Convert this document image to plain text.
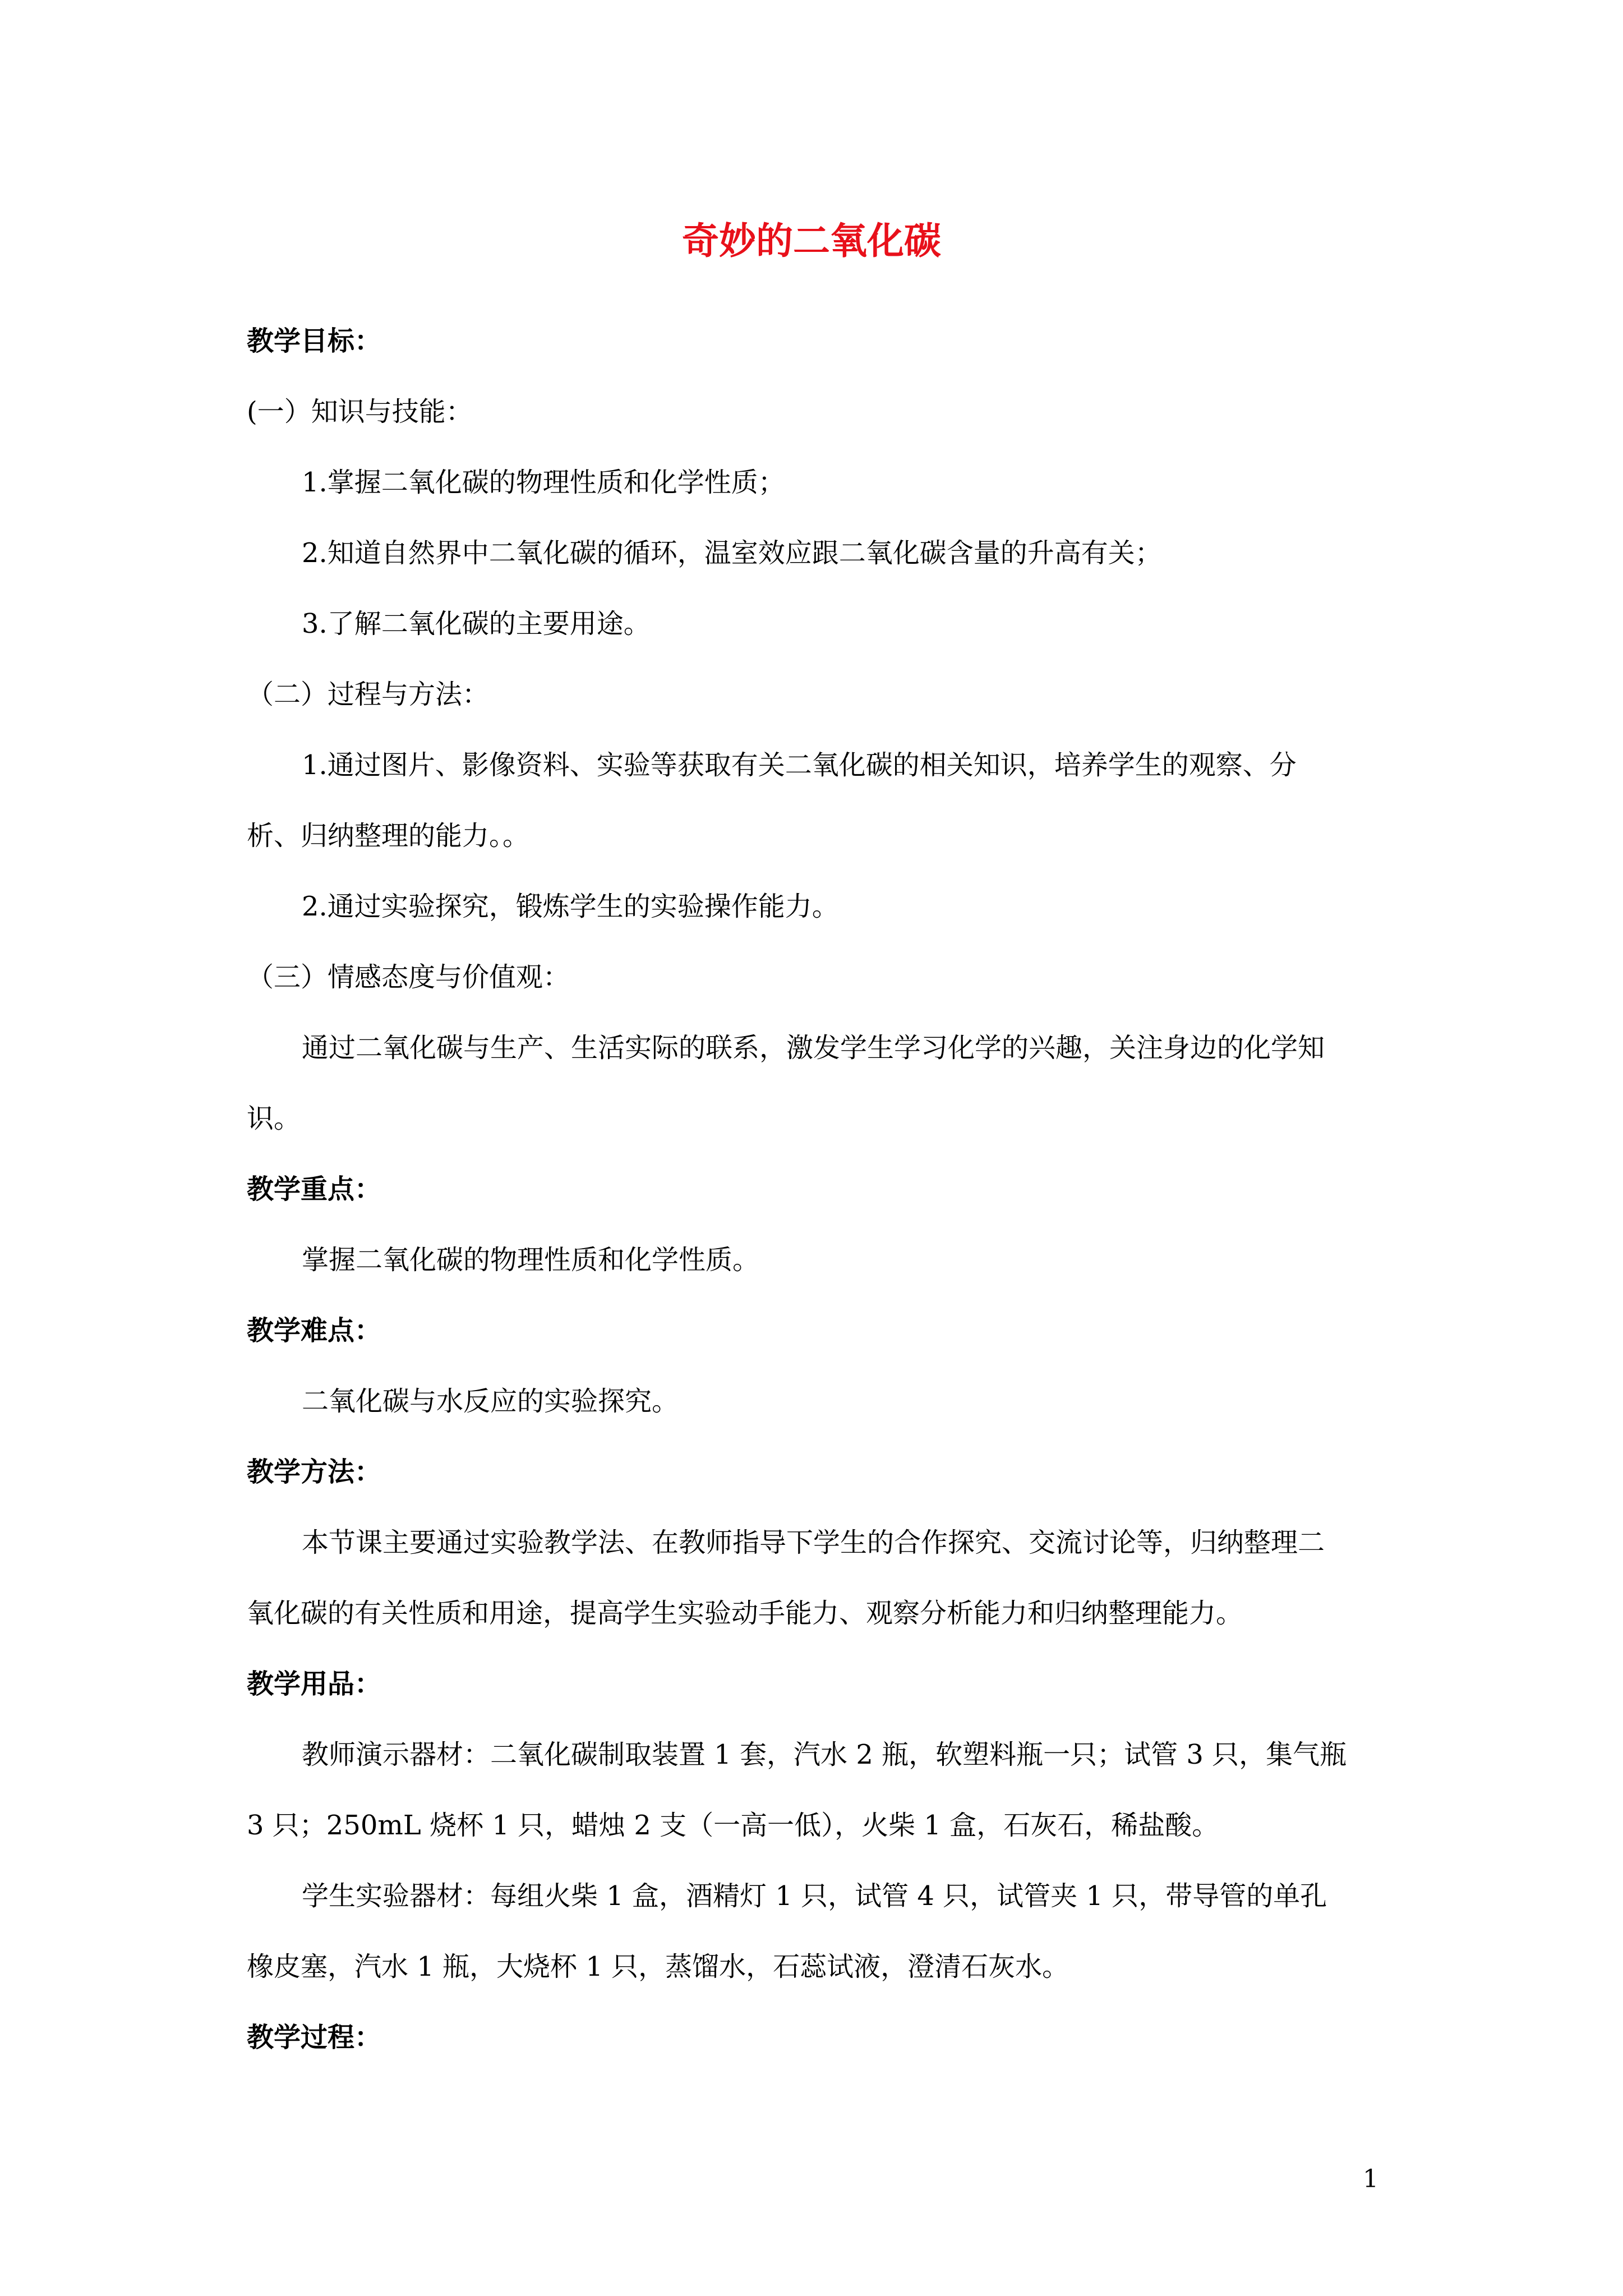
奇妙的二氧化碳
教学目标：
(一）知识与技能：
1.掌握二氧化碳的物理性质和化学性质；
2.知道自然界中二氧化碳的循环，温室效应跟二氧化碳含量的升高有关；
3.了解二氧化碳的主要用途。
（二）过程与方法：
1.通过图片、影像资料、实验等获取有关二氧化碳的相关知识，培养学生的观察、分
析、归纳整理的能力。。
2.通过实验探究，锻炼学生的实验操作能力。
（三）情感态度与价值观：
通过二氧化碳与生产、生活实际的联系，激发学生学习化学的兴趣，关注身边的化学知
识。
教学重点：
掌握二氧化碳的物理性质和化学性质。
教学难点：
二氧化碳与水反应的实验探究。
教学方法：
本节课主要通过实验教学法、在教师指导下学生的合作探究、交流讨论等，归纳整理二
氧化碳的有关性质和用途，提高学生实验动手能力、观察分析能力和归纳整理能力。
教学用品：
教师演示器材：二氧化碳制取装置 1 套，汽水 2 瓶，软塑料瓶一只；试管 3 只，集气瓶
3 只；250mL 烧杯 1 只，蜡烛 2 支（一高一低），火柴 1 盒，石灰石，稀盐酸。
学生实验器材：每组火柴 1 盒，酒精灯 1 只，试管 4 只，试管夹 1 只，带导管的单孔
橡皮塞，汽水 1 瓶，大烧杯 1 只，蒸馏水，石蕊试液，澄清石灰水。
教学过程：
1
